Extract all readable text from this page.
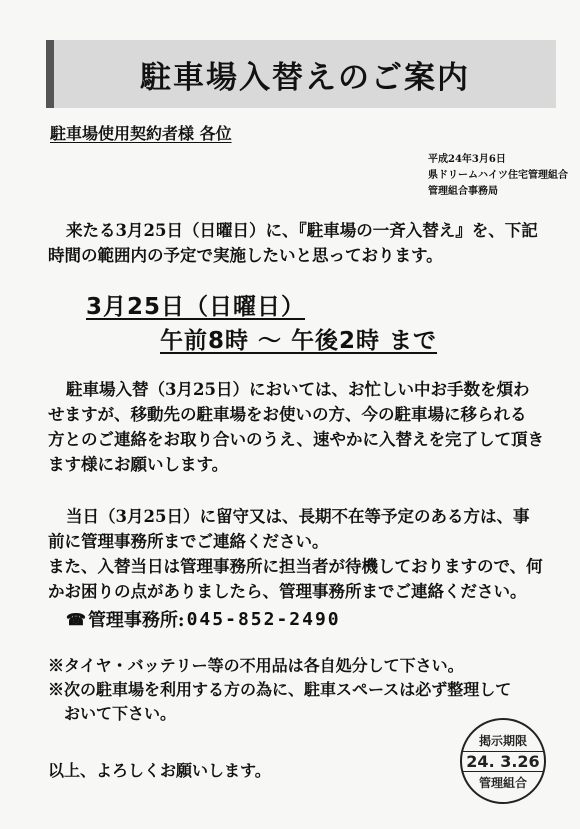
駐車場入替えのご案内
駐車場使用契約者様 各位
平成24年3月6日
県ドリームハイツ住宅管理組合
管理組合事務局
来たる3月25日（日曜日）に、『駐車場の一斉入替え』を、下記
時間の範囲内の予定で実施したいと思っております。
3月25日（日曜日）
午前8時 〜 午後2時 まで
駐車場入替（3月25日）においては、お忙しい中お手数を煩わ
せますが、移動先の駐車場をお使いの方、今の駐車場に移られる
方とのご連絡をお取り合いのうえ、速やかに入替えを完了して頂き
ます様にお願いします。
当日（3月25日）に留守又は、長期不在等予定のある方は、事
前に管理事務所までご連絡ください。
また、入替当日は管理事務所に担当者が待機しておりますので、何
かお困りの点がありましたら、管理事務所までご連絡ください。
☎ 管理事務所: 045-852-2490
※タイヤ・バッテリー等の不用品は各自処分して下さい。
※次の駐車場を利用する方の為に、駐車スペースは必ず整理して
　おいて下さい。
以上、よろしくお願いします。
掲示期限
24. 3.26
管理組合
